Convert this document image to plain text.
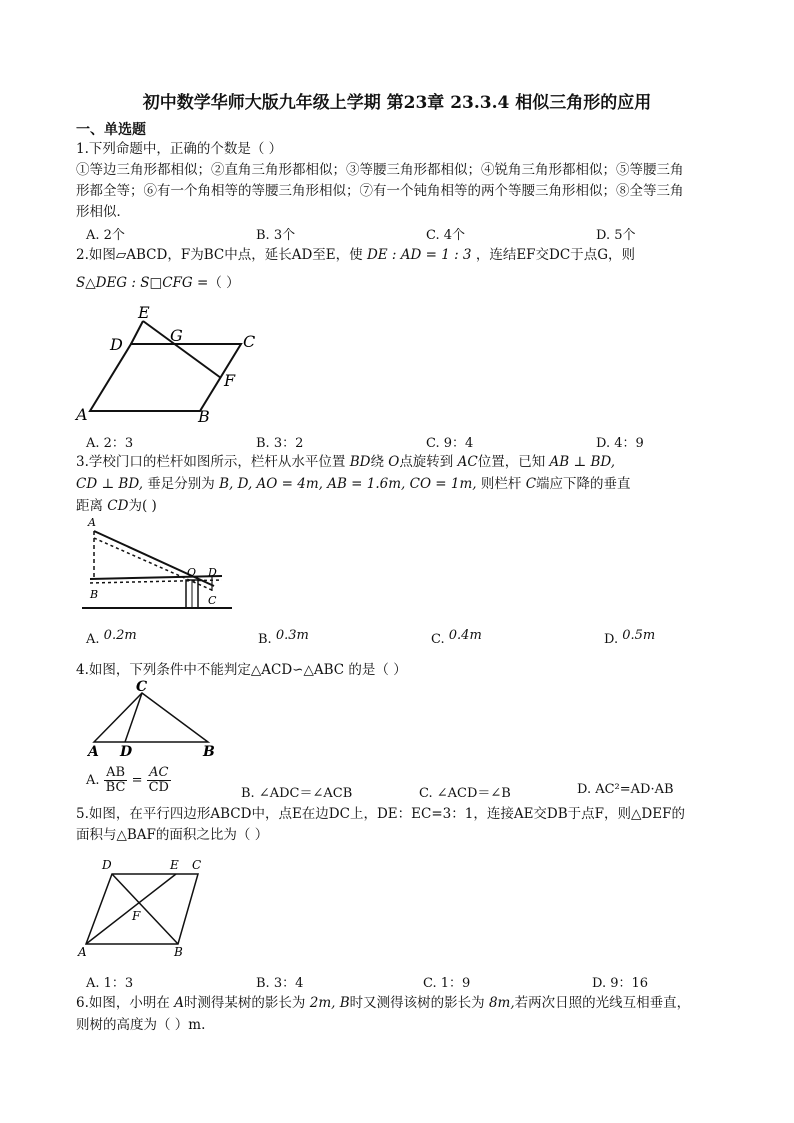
初中数学华师大版九年级上学期 第23章 23.3.4 相似三角形的应用
一、单选题
1.下列命题中，正确的个数是（ ）
①等边三角形都相似；②直角三角形都相似；③等腰三角形都相似；④锐角三角形都相似；⑤等腰三角
形都全等；⑥有一个角相等的等腰三角形相似；⑦有一个钝角相等的两个等腰三角形相似；⑧全等三角
形相似．
A. 2个	B. 3个	C. 4个	D. 5个
2.如图▱ABCD，F为BC中点，延长AD至E，使 DE : AD = 1 : 3 ，连结EF交DC于点G，则
S△DEG : S□CFG =（ ）
E
G
D	C
F
A	B
A. 2：3	B. 3：2	C. 9：4	D. 4：9
3.学校门口的栏杆如图所示，栏杆从水平位置 BD绕 O点旋转到 AC位置，已知 AB ⊥ BD,
CD ⊥ BD, 垂足分别为 B, D, AO = 4m, AB = 1.6m, CO = 1m, 则栏杆 C端应下降的垂直
距离 CD为( )
A
O D
B	C
A. 0.2m	B. 0.3m	C. 0.4m	D. 0.5m
4.如图，下列条件中不能判定△ACD∽△ABC 的是（ ）
C
A D	B
A. $\frac{AB}{BC} = \frac{AC}{CD}$	B. ∠ADC＝∠ACB	C. ∠ACD＝∠B	D. AC²=AD·AB
5.如图，在平行四边形ABCD中，点E在边DC上，DE：EC=3：1，连接AE交DB于点F，则△DEF的
面积与△BAF的面积之比为（ ）
D	E C
F
A	B
A. 1：3	B. 3：4	C. 1：9	D. 9：16
6.如图，小明在 A时测得某树的影长为 2m, B时又测得该树的影长为 8m,若两次日照的光线互相垂直，
则树的高度为（ ）m.
